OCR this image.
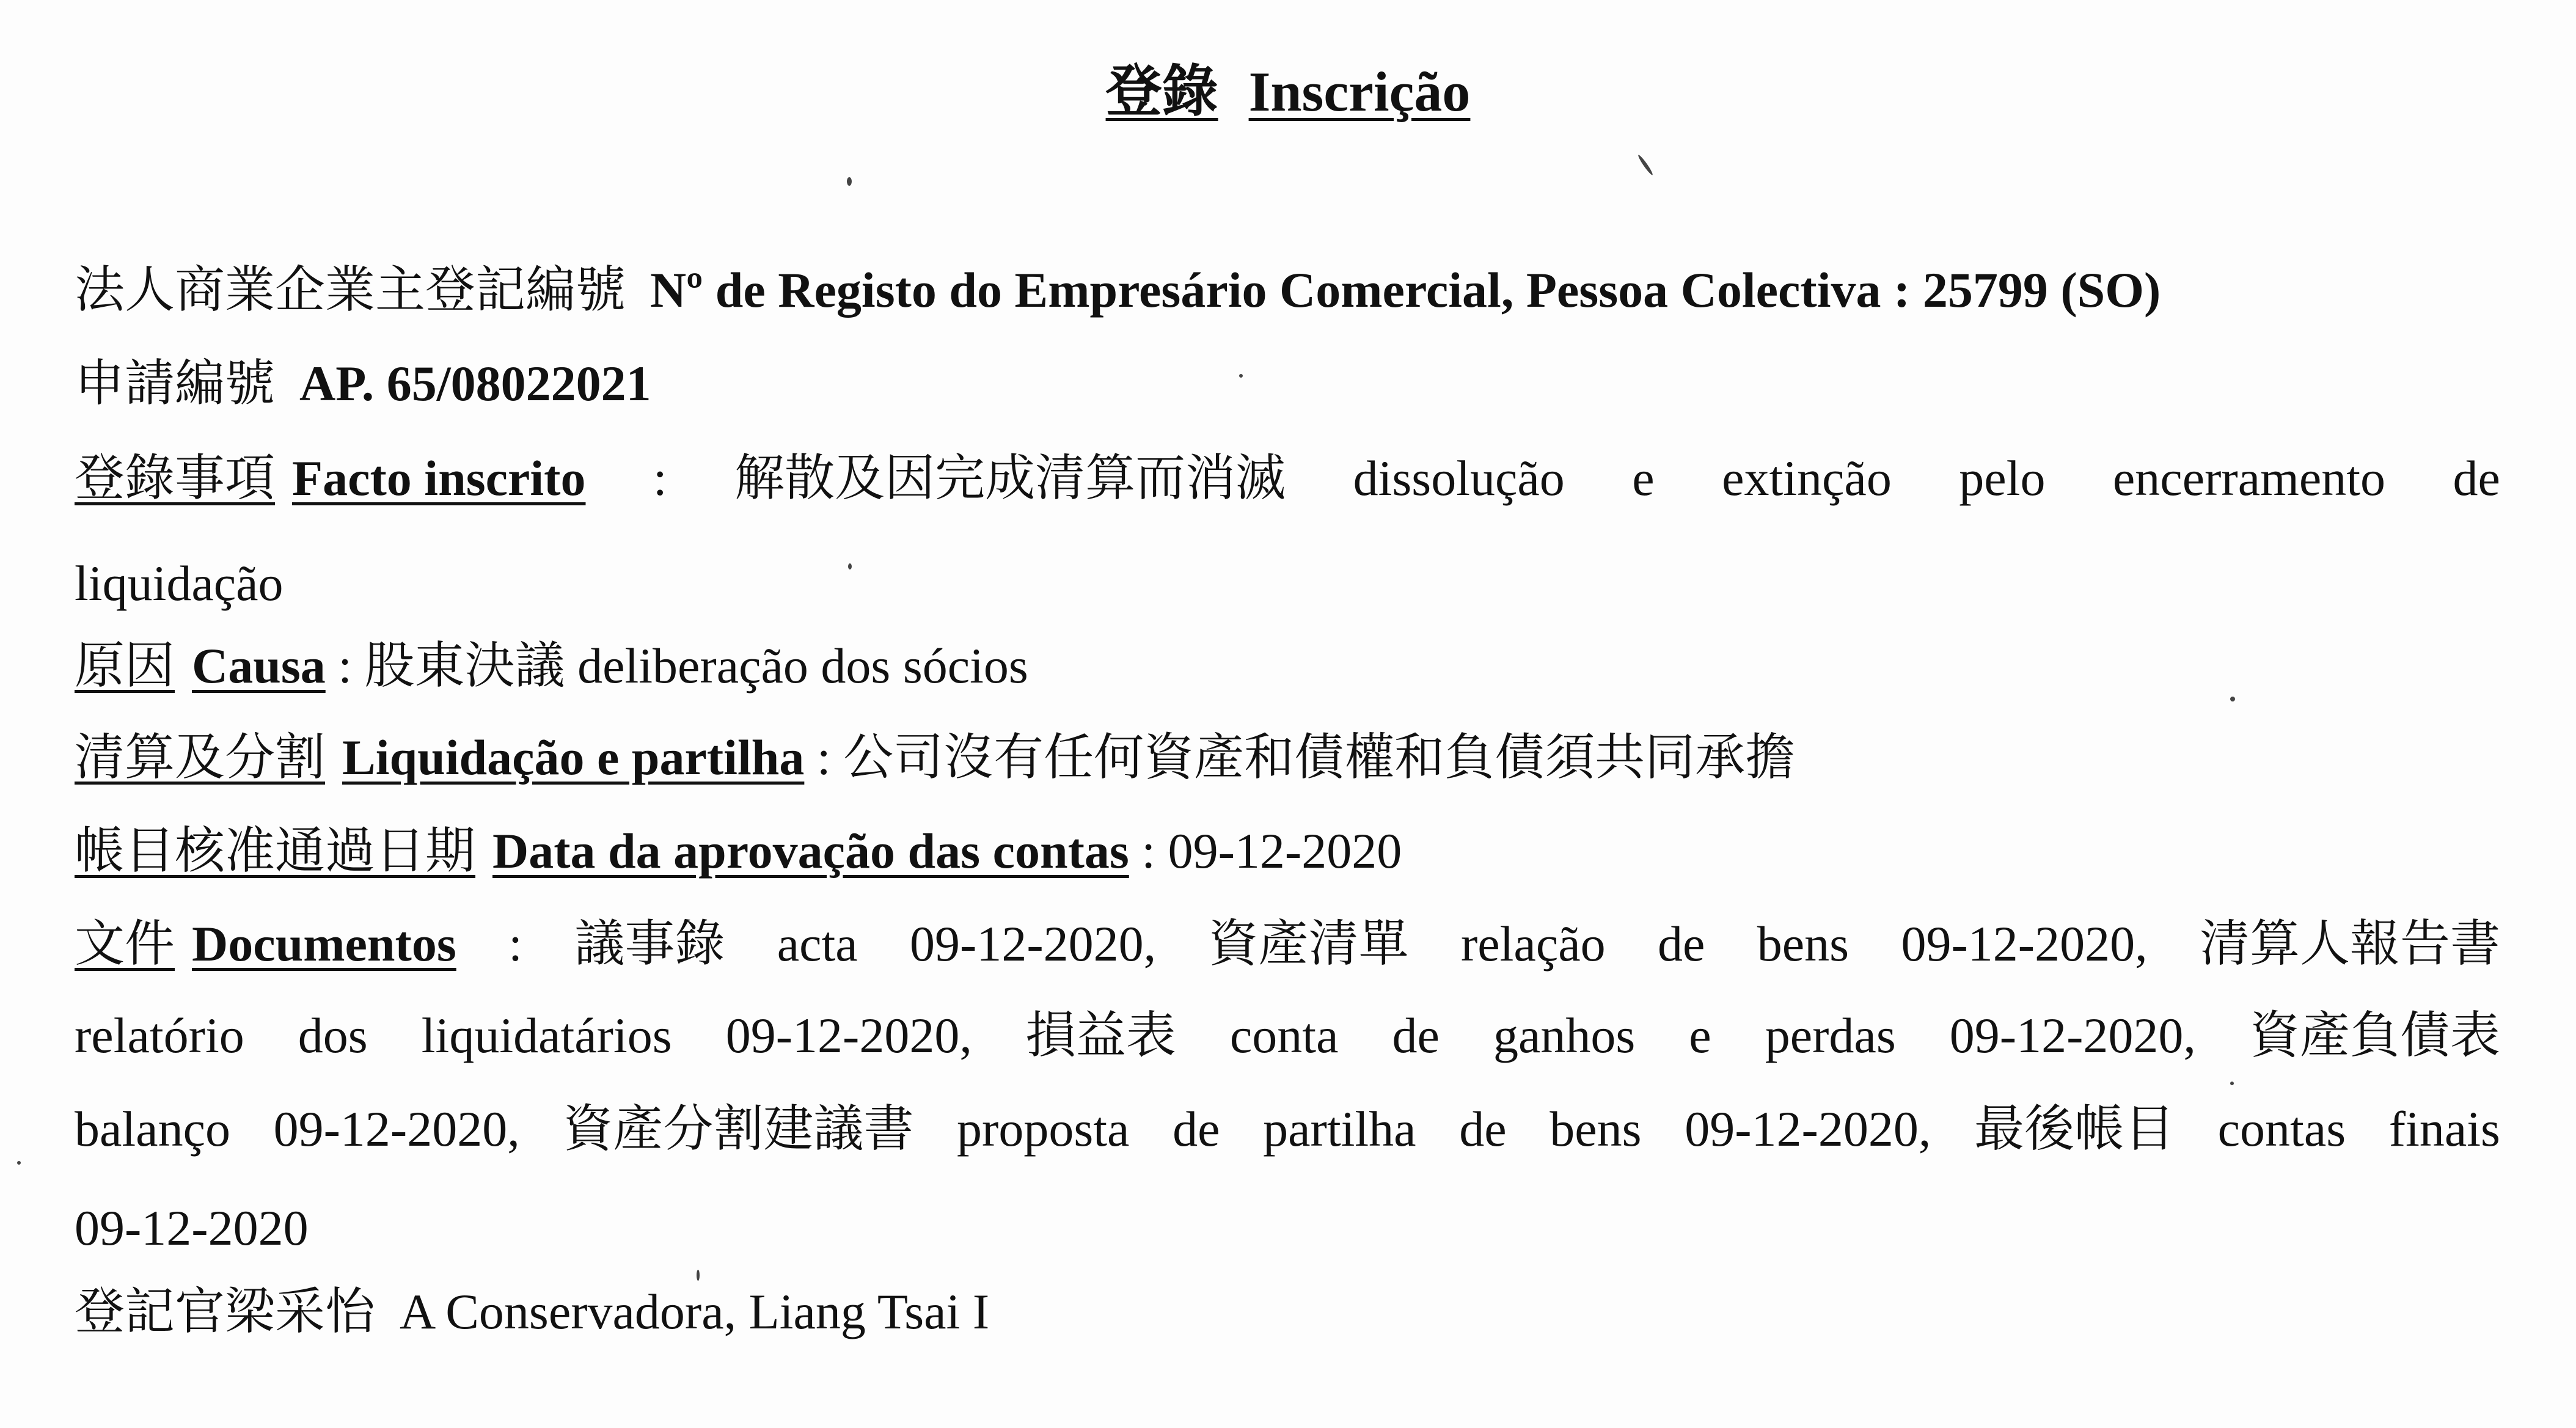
登錄 Inscrição
法人商業企業主登記編號 Nº de Registo do Empresário Comercial, Pessoa Colectiva : 25799 (SO)
申請編號 AP. 65/08022021
登錄事項 Facto inscrito : 解散及因完成清算而消滅 dissolução e extinção pelo encerramento de
liquidação
原因 Causa : 股東決議 deliberação dos sócios
清算及分割 Liquidação e partilha : 公司沒有任何資產和債權和負債須共同承擔
帳目核准通過日期 Data da aprovação das contas : 09-12-2020
文件 Documentos : 議事錄 acta 09-12-2020, 資產清單 relação de bens 09-12-2020, 清算人報告書
relatório dos liquidatários 09-12-2020, 損益表 conta de ganhos e perdas 09-12-2020, 資產負債表
balanço 09-12-2020, 資產分割建議書 proposta de partilha de bens 09-12-2020, 最後帳目 contas finais
09-12-2020
登記官梁采怡 A Conservadora, Liang Tsai I
